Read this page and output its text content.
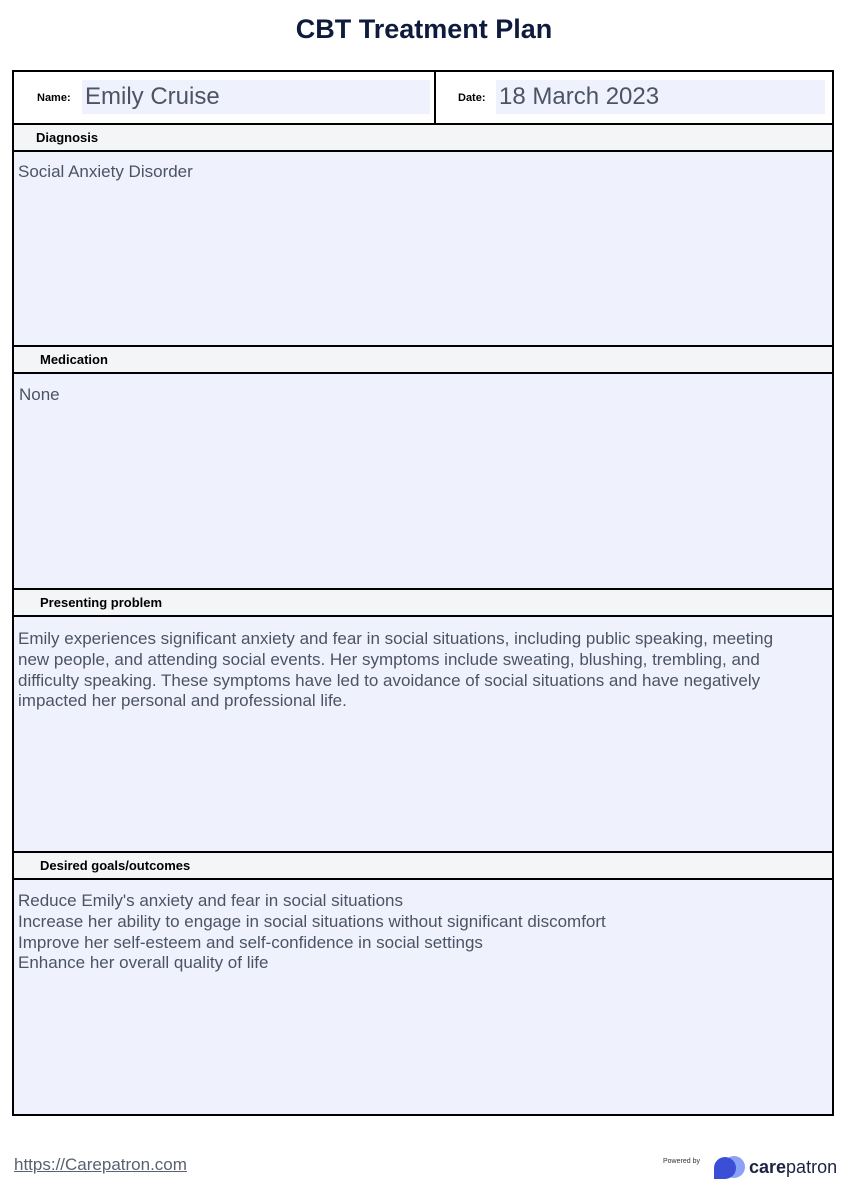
CBT Treatment Plan
Name: Emily Cruise	Date: 18 March 2023
Diagnosis

Social Anxiety Disorder

Medication

None

Presenting problem

Emily experiences significant anxiety and fear in social situations, including public speaking, meeting

new people, and attending social events. Her symptoms include sweating, blushing, trembling, and

difficulty speaking. These symptoms have led to avoidance of social situations and have negatively

impacted her personal and professional life.

Desired goals/outcomes

Reduce Emily's anxiety and fear in social situations

Increase her ability to engage in social situations without significant discomfort

Improve her self-esteem and self-confidence in social settings

Enhance her overall quality of life

https://Carepatron.com	Powered by	carepatron
